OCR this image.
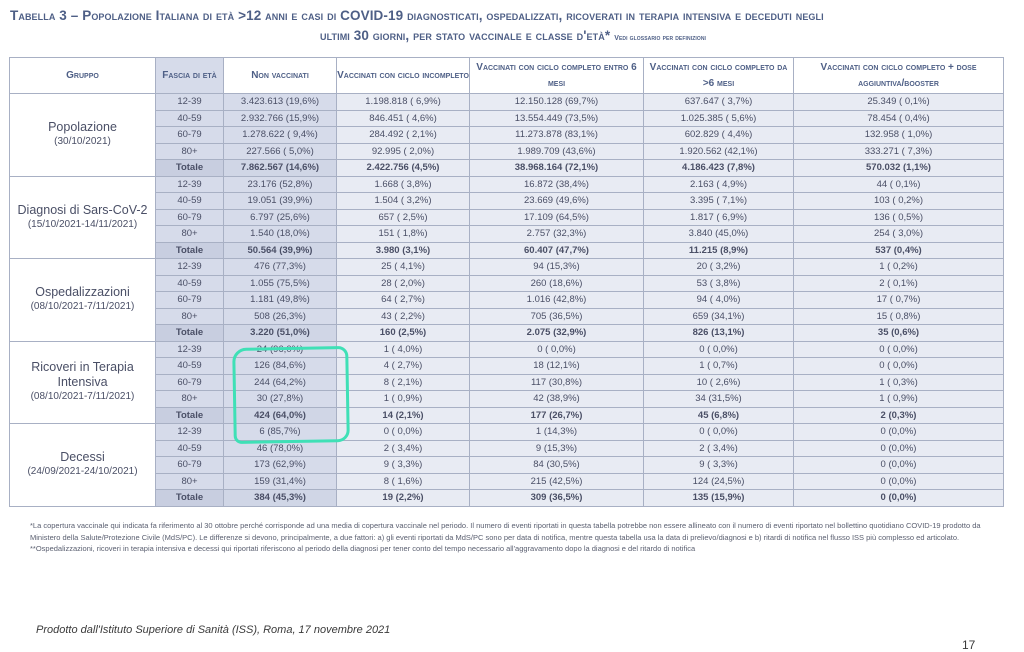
Tabella 3 – Popolazione Italiana di età >12 anni e casi di COVID-19 diagnosticati, ospedalizzati, ricoverati in terapia intensiva e deceduti negli
ultimi 30 giorni, per stato vaccinale e classe d'età* Vedi glossario per definizioni
Gruppo	Fascia di età	Non vaccinati	Vaccinati con ciclo incompleto	Vaccinati con ciclo completo entro 6 mesi	Vaccinati con ciclo completo da >6 mesi	Vaccinati con ciclo completo + dose aggiuntiva/booster

Popolazione
(30/10/2021)	12-39	3.423.613 (19,6%)	1.198.818 ( 6,9%)	12.150.128 (69,7%)	637.647 ( 3,7%)	25.349 ( 0,1%)
	40-59	2.932.766 (15,9%)	846.451 ( 4,6%)	13.554.449 (73,5%)	1.025.385 ( 5,6%)	78.454 ( 0,4%)
	60-79	1.278.622 ( 9,4%)	284.492 ( 2,1%)	11.273.878 (83,1%)	602.829 ( 4,4%)	132.958 ( 1,0%)
	80+	227.566 ( 5,0%)	92.995 ( 2,0%)	1.989.709 (43,6%)	1.920.562 (42,1%)	333.271 ( 7,3%)
	Totale	7.862.567 (14,6%)	2.422.756 (4,5%)	38.968.164 (72,1%)	4.186.423 (7,8%)	570.032 (1,1%)

Diagnosi di Sars-CoV-2
(15/10/2021-14/11/2021)	12-39	23.176 (52,8%)	1.668 ( 3,8%)	16.872 (38,4%)	2.163 ( 4,9%)	44 ( 0,1%)
	40-59	19.051 (39,9%)	1.504 ( 3,2%)	23.669 (49,6%)	3.395 ( 7,1%)	103 ( 0,2%)
	60-79	6.797 (25,6%)	657 ( 2,5%)	17.109 (64,5%)	1.817 ( 6,9%)	136 ( 0,5%)
	80+	1.540 (18,0%)	151 ( 1,8%)	2.757 (32,3%)	3.840 (45,0%)	254 ( 3,0%)
	Totale	50.564 (39,9%)	3.980 (3,1%)	60.407 (47,7%)	11.215 (8,9%)	537 (0,4%)

Ospedalizzazioni
(08/10/2021-7/11/2021)	12-39	476 (77,3%)	25 ( 4,1%)	94 (15,3%)	20 ( 3,2%)	1 ( 0,2%)
	40-59	1.055 (75,5%)	28 ( 2,0%)	260 (18,6%)	53 ( 3,8%)	2 ( 0,1%)
	60-79	1.181 (49,8%)	64 ( 2,7%)	1.016 (42,8%)	94 ( 4,0%)	17 ( 0,7%)
	80+	508 (26,3%)	43 ( 2,2%)	705 (36,5%)	659 (34,1%)	15 ( 0,8%)
	Totale	3.220 (51,0%)	160 (2,5%)	2.075 (32,9%)	826 (13,1%)	35 (0,6%)

Ricoveri in Terapia Intensiva
(08/10/2021-7/11/2021)	12-39	24 (96,0%)	1 ( 4,0%)	0 ( 0,0%)	0 ( 0,0%)	0 ( 0,0%)
	40-59	126 (84,6%)	4 ( 2,7%)	18 (12,1%)	1 ( 0,7%)	0 ( 0,0%)
	60-79	244 (64,2%)	8 ( 2,1%)	117 (30,8%)	10 ( 2,6%)	1 ( 0,3%)
	80+	30 (27,8%)	1 ( 0,9%)	42 (38,9%)	34 (31,5%)	1 ( 0,9%)
	Totale	424 (64,0%)	14 (2,1%)	177 (26,7%)	45 (6,8%)	2 (0,3%)

Decessi
(24/09/2021-24/10/2021)	12-39	6 (85,7%)	0 ( 0,0%)	1 (14,3%)	0 ( 0,0%)	0 (0,0%)
	40-59	46 (78,0%)	2 ( 3,4%)	9 (15,3%)	2 ( 3,4%)	0 (0,0%)
	60-79	173 (62,9%)	9 ( 3,3%)	84 (30,5%)	9 ( 3,3%)	0 (0,0%)
	80+	159 (31,4%)	8 ( 1,6%)	215 (42,5%)	124 (24,5%)	0 (0,0%)
	Totale	384 (45,3%)	19 (2,2%)	309 (36,5%)	135 (15,9%)	0 (0,0%)
*La copertura vaccinale qui indicata fa riferimento al 30 ottobre perché corrisponde ad una media di copertura vaccinale nel periodo. Il numero di eventi riportati in questa tabella potrebbe non essere allineato con il numero di eventi riportato nel bollettino quotidiano COVID-19 prodotto da Ministero della Salute/Protezione Civile (MdS/PC). Le differenze si devono, principalmente, a due fattori: a) gli eventi riportati da MdS/PC sono per data di notifica, mentre questa tabella usa la data di prelievo/diagnosi e b) ritardi di notifica nel flusso ISS più complesso ed articolato.
**Ospedalizzazioni, ricoveri in terapia intensiva e decessi qui riportati riferiscono al periodo della diagnosi per tener conto del tempo necessario all'aggravamento dopo la diagnosi e del ritardo di notifica
Prodotto dall'Istituto Superiore di Sanità (ISS), Roma, 17 novembre 2021
17
